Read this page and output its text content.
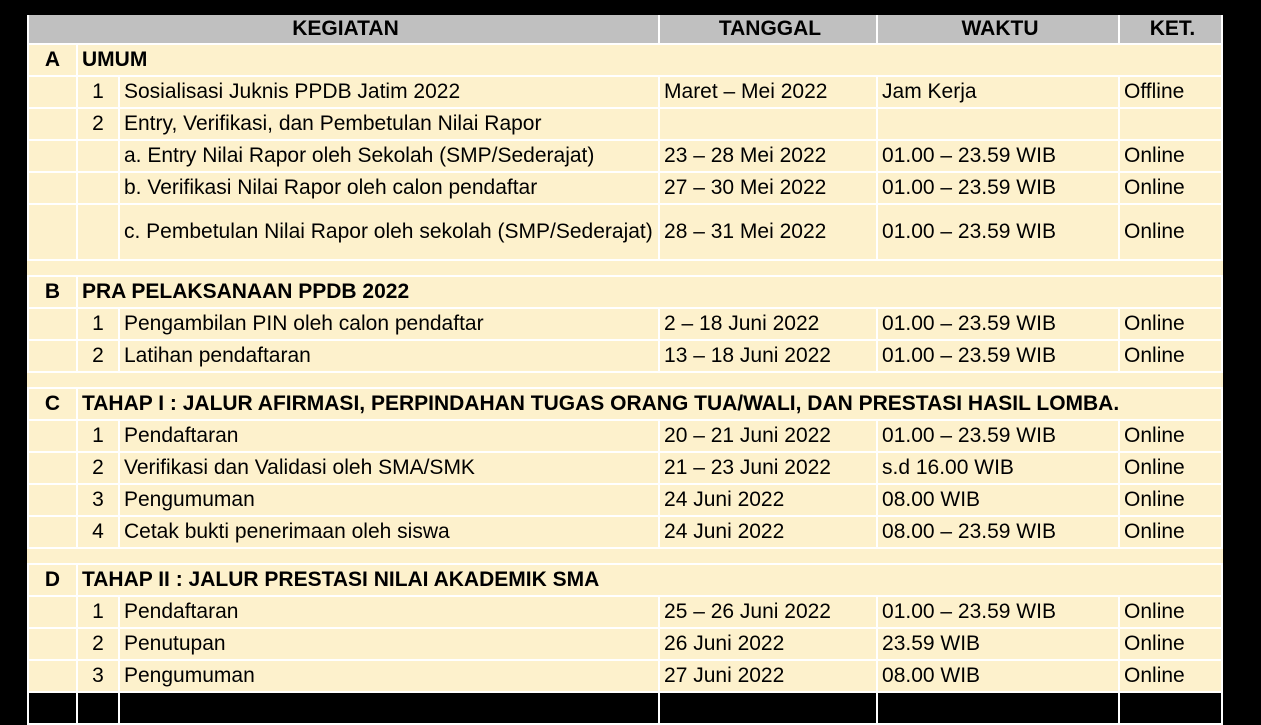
KEGIATAN			TANGGAL	WAKTU	KET.
A	UMUM				
	1	Sosialisasi Juknis PPDB Jatim 2022	Maret – Mei 2022	Jam Kerja	Offline
	2	Entry, Verifikasi, dan Pembetulan Nilai Rapor			
		a. Entry Nilai Rapor oleh Sekolah (SMP/Sederajat)	23 – 28 Mei 2022	01.00 – 23.59 WIB	Online
		b. Verifikasi Nilai Rapor oleh calon pendaftar	27 – 30 Mei 2022	01.00 – 23.59 WIB	Online
		c. Pembetulan Nilai Rapor oleh sekolah (SMP/Sederajat)	28 – 31 Mei 2022	01.00 – 23.59 WIB	Online

B	PRA PELAKSANAAN PPDB 2022				
	1	Pengambilan PIN oleh calon pendaftar	2 – 18 Juni 2022	01.00 – 23.59 WIB	Online
	2	Latihan pendaftaran	13 – 18 Juni 2022	01.00 – 23.59 WIB	Online

C	TAHAP I : JALUR AFIRMASI, PERPINDAHAN TUGAS ORANG TUA/WALI, DAN PRESTASI HASIL LOMBA.				
	1	Pendaftaran	20 – 21 Juni 2022	01.00 – 23.59 WIB	Online
	2	Verifikasi dan Validasi oleh SMA/SMK	21 – 23 Juni 2022	s.d 16.00 WIB	Online
	3	Pengumuman	24 Juni 2022	08.00 WIB	Online
	4	Cetak bukti penerimaan oleh siswa	24 Juni 2022	08.00 – 23.59 WIB	Online

D	TAHAP II : JALUR PRESTASI NILAI AKADEMIK SMA				
	1	Pendaftaran	25 – 26 Juni 2022	01.00 – 23.59 WIB	Online
	2	Penutupan	26 Juni 2022	23.59 WIB	Online
	3	Pengumuman	27 Juni 2022	08.00 WIB	Online
	4	Cetak bukti penerimaan oleh siswa	27 Juni 2022	08.00 – 23.59 WIB	Online
